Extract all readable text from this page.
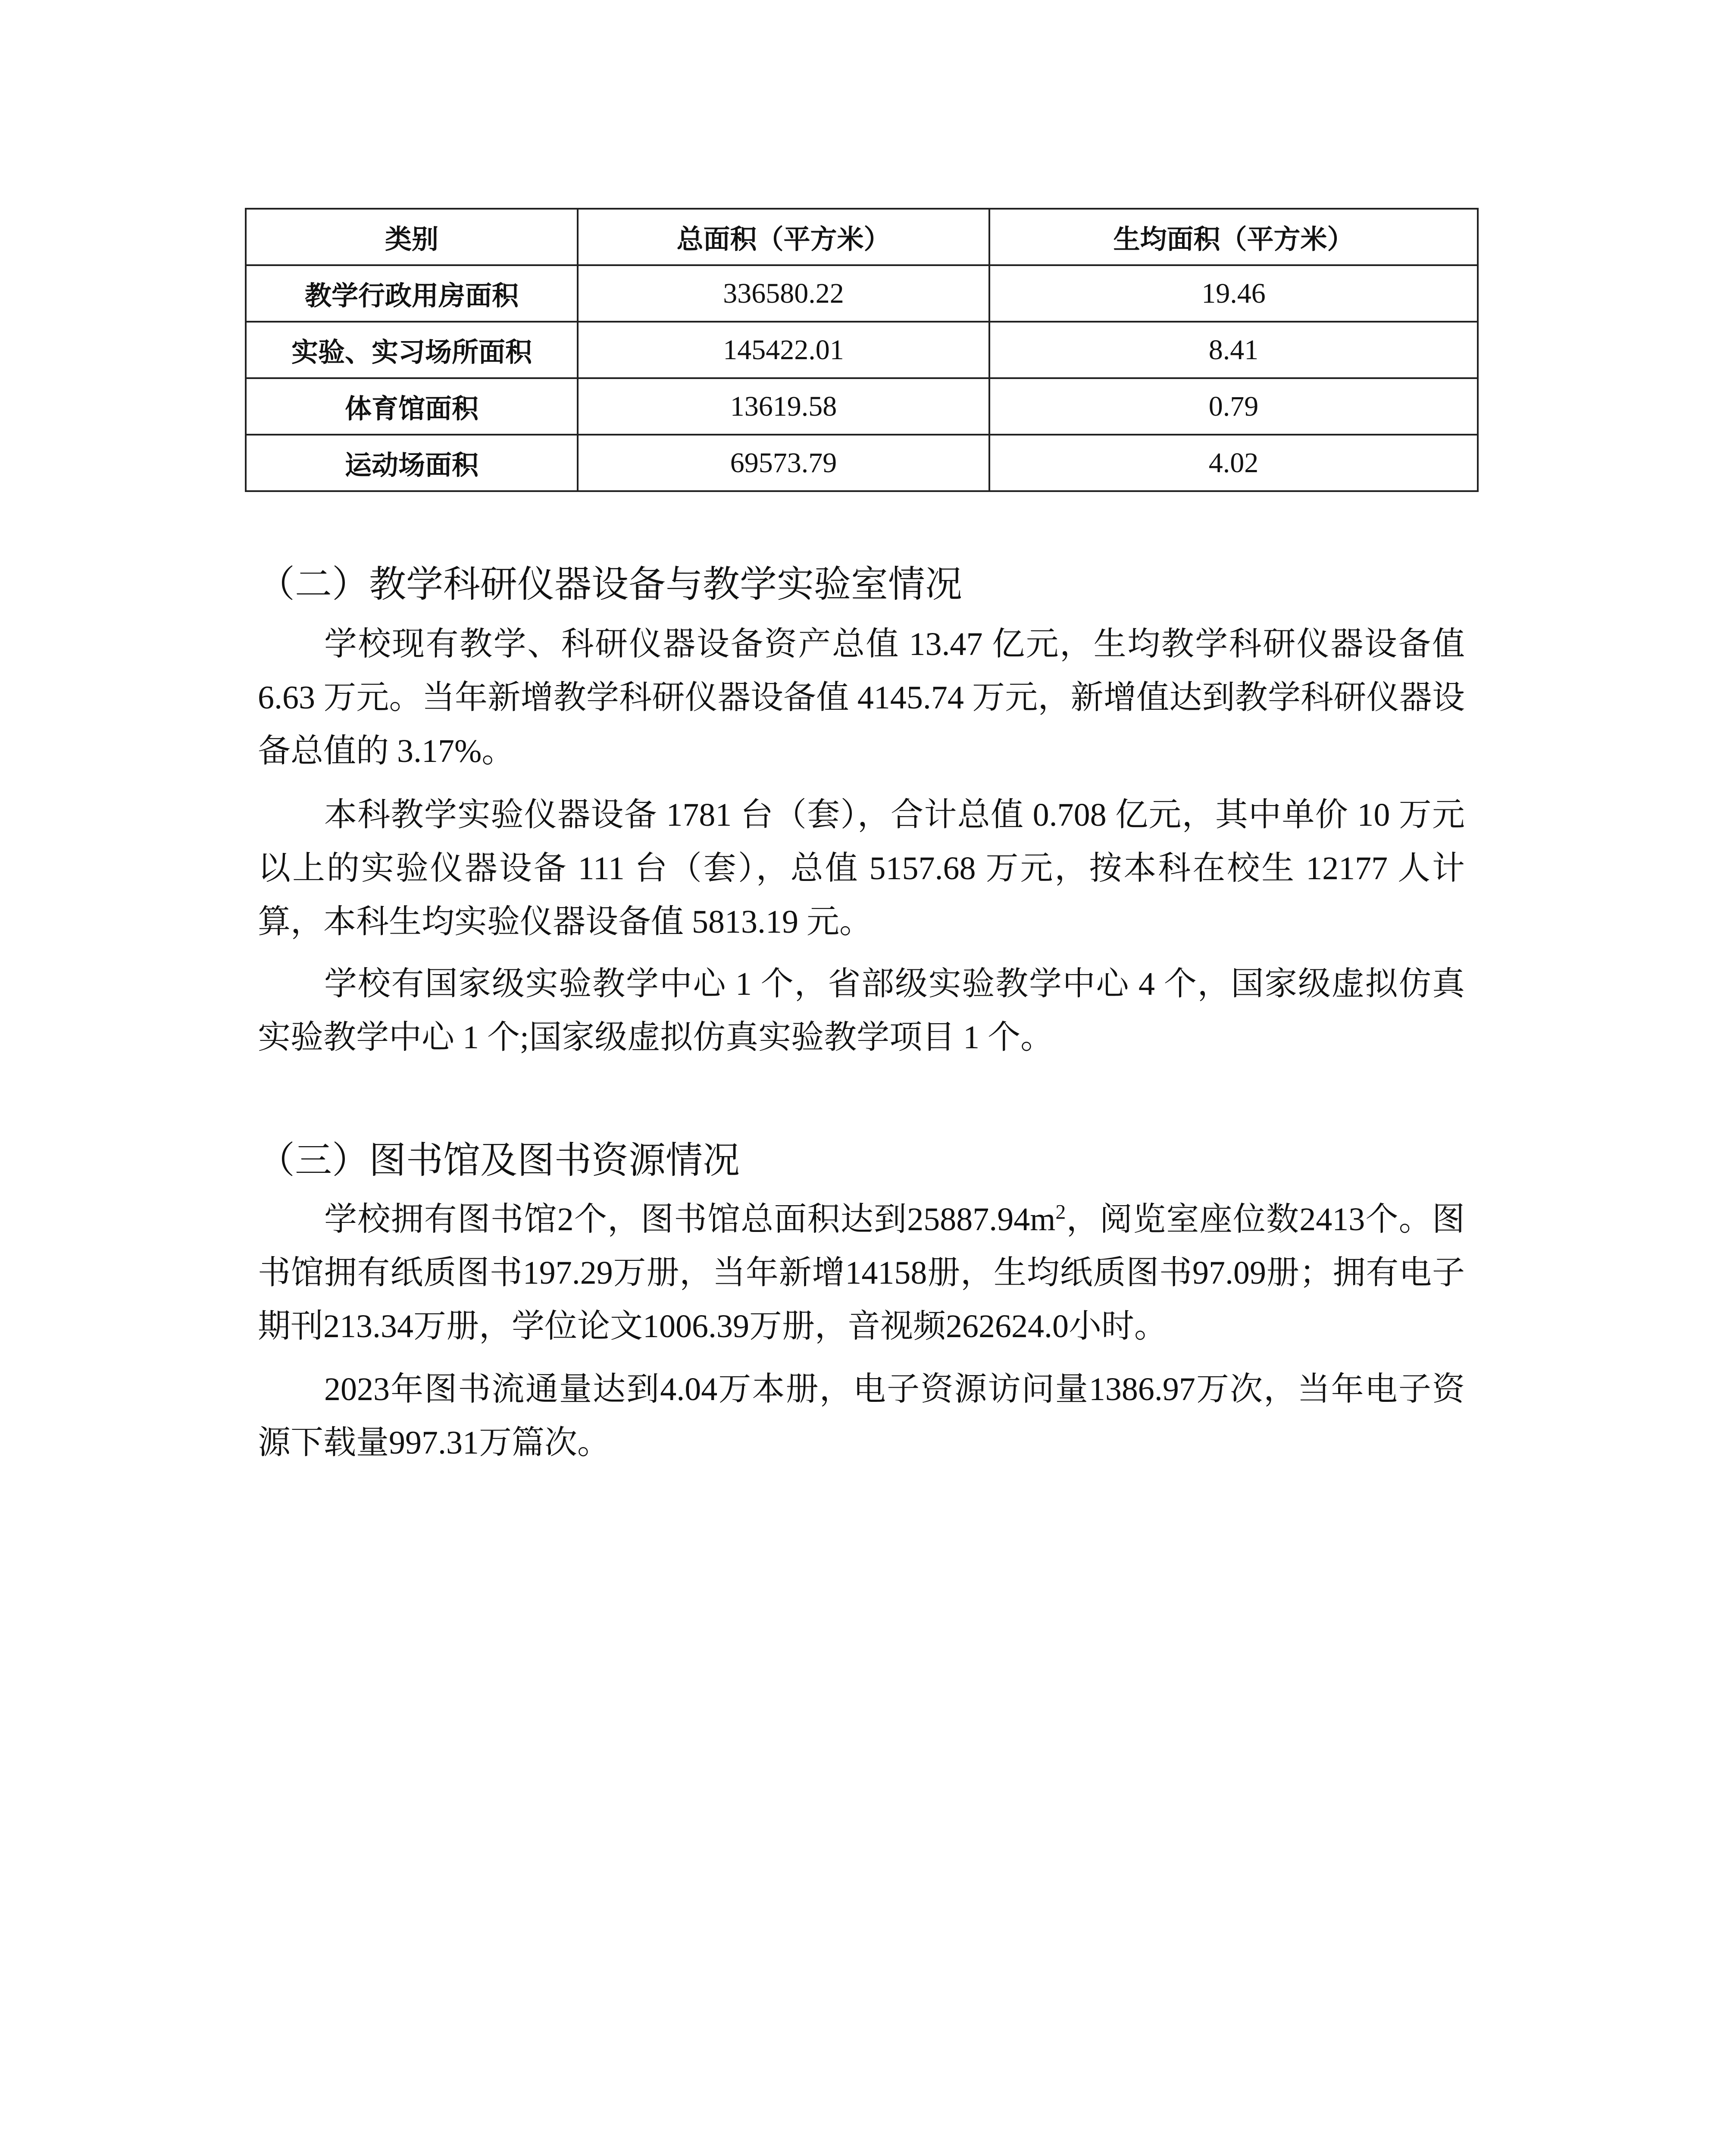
类别	总面积（平方米）	生均面积（平方米）
教学行政用房面积	336580.22	19.46
实验、实习场所面积	145422.01	8.41
体育馆面积	13619.58	0.79
运动场面积	69573.79	4.02
（二）教学科研仪器设备与教学实验室情况

学校现有教学、科研仪器设备资产总值 13.47 亿元，生均教学科研仪器设备值 6.63 万元。当年新增教学科研仪器设备值 4145.74 万元，新增值达到教学科研仪器设备总值的 3.17%。

本科教学实验仪器设备 1781 台（套），合计总值 0.708 亿元，其中单价 10 万元以上的实验仪器设备 111 台（套），总值 5157.68 万元，按本科在校生 12177 人计算，本科生均实验仪器设备值 5813.19 元。

学校有国家级实验教学中心 1 个，省部级实验教学中心 4 个，国家级虚拟仿真实验教学中心 1 个;国家级虚拟仿真实验教学项目 1 个。

（三）图书馆及图书资源情况

学校拥有图书馆2个，图书馆总面积达到$25887.94m^2$，阅览室座位数2413个。图书馆拥有纸质图书197.29万册，当年新增14158册，生均纸质图书97.09册；拥有电子期刊213.34万册，学位论文1006.39万册，音视频262624.0小时。

2023年图书流通量达到4.04万本册，电子资源访问量1386.97万次，当年电子资源下载量997.31万篇次。
